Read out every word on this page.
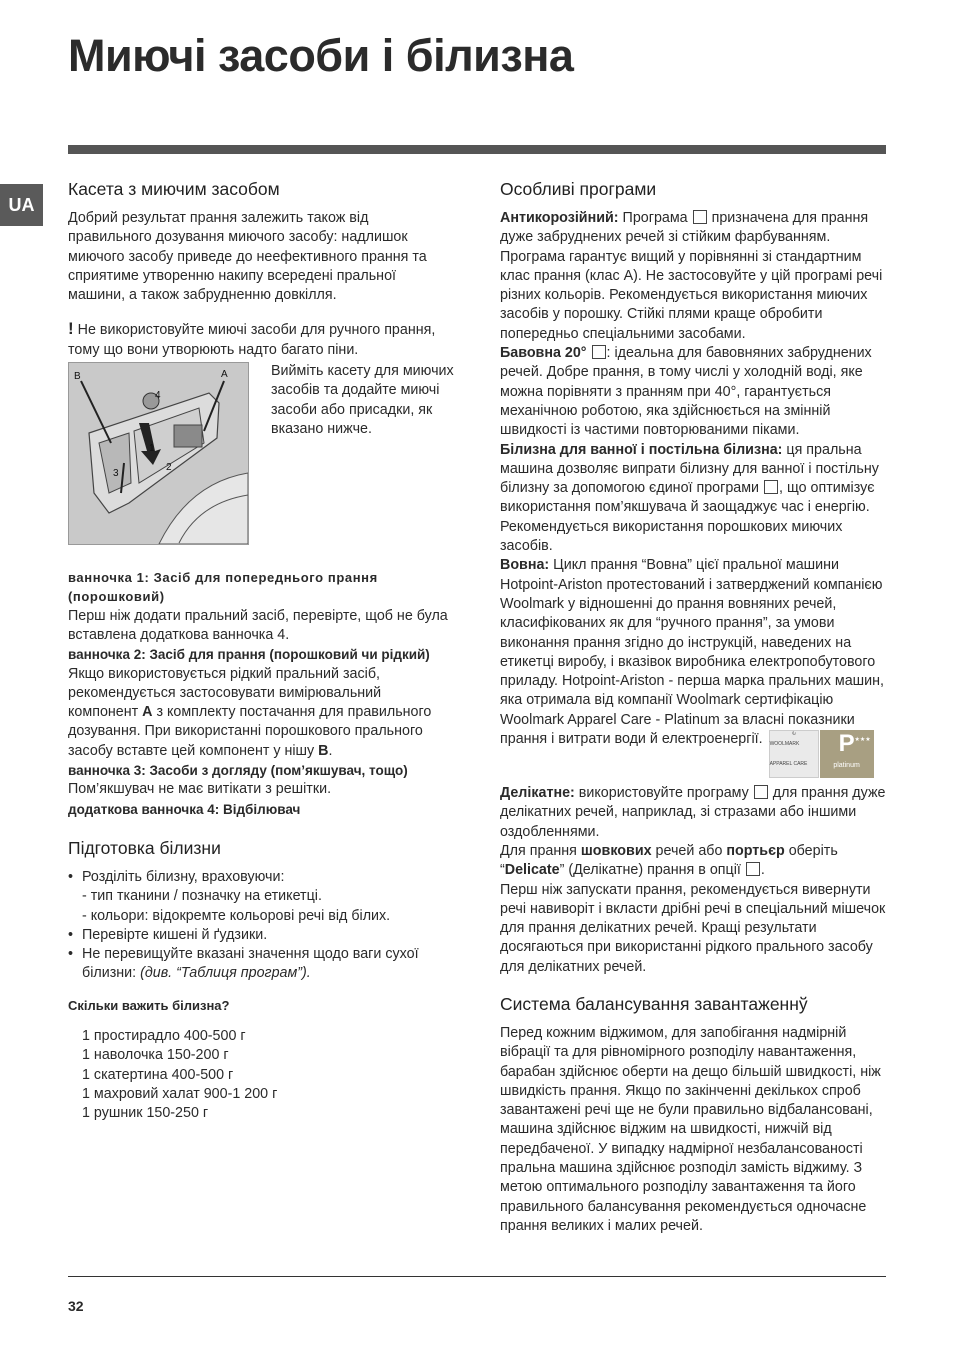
Миючі засоби і білизна
UA
Касета з миючим засобом

Добрий результат прання залежить також від правильного дозування миючого засобу: надлишок миючого засобу приведе до неефективного прання та сприятиме утворенню накипу всередені пральної машини, а також забрудненню довкілля.

! Не використовуйте миючі засоби для ручного прання, тому що вони утворюють надто багато піни.

B	A
4
1
2
3

Вийміть касету для миючих засобів та додайте миючі засоби або присадки, як вказано нижче.

ванночка 1: Засіб для попереднього прання (порошковий)

Перш ніж додати пральний засіб, перевірте, щоб не була вставлена додаткова ванночка 4.

ванночка 2: Засіб для прання (порошковий чи рідкий)

Якщо використовується рідкий пральний засіб, рекомендується застосовувати вимірювальний компонент A з комплекту постачання для правильного дозування. При використанні порошкового прального засобу вставте цей компонент у нішу B.

ванночка 3: Засоби з догляду (пом’якшувач, тощо)

Пом’якшувач не має витікати з решітки.

додаткова ванночка 4: Відбілювач

Підготовка білизни
• Розділіть білизну, враховуючи:
- тип тканини / позначку на етикетці.
- кольори: відокремте кольорові речі від білих.
• Перевірте кишені й ґудзики.
• Не перевищуйте вказані значення щодо ваги сухої білизни: (див. “Таблиця програм”).

Скільки важить білизна?

1 простирадло 400-500 г
1 наволочка 150-200 г
1 скатертина 400-500 г
1 махровий халат 900-1 200 г
1 рушник 150-250 г
Особливі програми

Антикорозійний: Програма  призначена для прання дуже забруднених речей зі стійким фарбуванням. Програма гарантує вищий у порівнянні зі стандартним клас прання (клас А). Не застосовуйте у цій програмі речі різних кольорів. Рекомендується використання миючих засобів у порошку. Стійкі плями краще обробити попередньо спеціальними засобами.

Бавовна 20° : ідеальна для бавовняних забруднених речей. Добре прання, в тому числі у холодній воді, яке можна порівняти з пранням при 40°, гарантується механічною роботою, яка здійснюється на змінній швидкості із частими повторюваними піками.

Білизна для ванної і постільна білизна: ця пральна машина дозволяє випрати білизну для ванної і постільну білизну за допомогою єдиної програми , що оптимізує використання пом’якшувача й заощаджує час і енергію. Рекомендується використання порошкових миючих засобів.

Вовна: Цикл прання “Вовна” цієї пральної машини Hotpoint-Ariston протестований і затверджений компанією Woolmark у відношенні до прання вовняних речей, класифікованих як для “ручного прання”, за умови виконання прання згідно до інструкцій, наведених на етикетці виробу, і вказівок виробника електропобутового приладу. Hotpoint-Ariston - перша марка пральних машин, яка отримала від компанії Woolmark сертифікацію Woolmark Apparel Care - Platinum за власні показники прання і витрати води й електроенергії. WOOLMARK APPAREL CARE
★★★
P
platinum

Делікатне: використовуйте програму  для прання дуже делікатних речей, наприклад, зі стразами або іншими оздобленнями.

Для прання шовкових речей або портьєр оберіть “Delicate” (Делікатне) прання в опції .

Перш ніж запускати прання, рекомендується вивернути речі навиворіт і вкласти дрібні речі в спеціальний мішечок для прання делікатних речей. Кращі результати досягаються при використанні рідкого прального засобу для делікатних речей.

Система балансування завантаженнў

Перед кожним віджимом, для запобігання надмірній вібрації та для рівномірного розподілу навантаження, барабан здійснює оберти на дещо більшій швидкості, ніж швидкість прання. Якщо по закінченні декількох спроб завантажені речі ще не були правильно відбалансовані, машина здійснює віджим на швидкості, нижчій від передбаченої. У випадку надмірної незбалансованості пральна машина здійснює розподіл замість віджиму. З метою оптимального розподілу завантаження та його правильного балансування рекомендується одночасне прання великих і малих речей.

32
